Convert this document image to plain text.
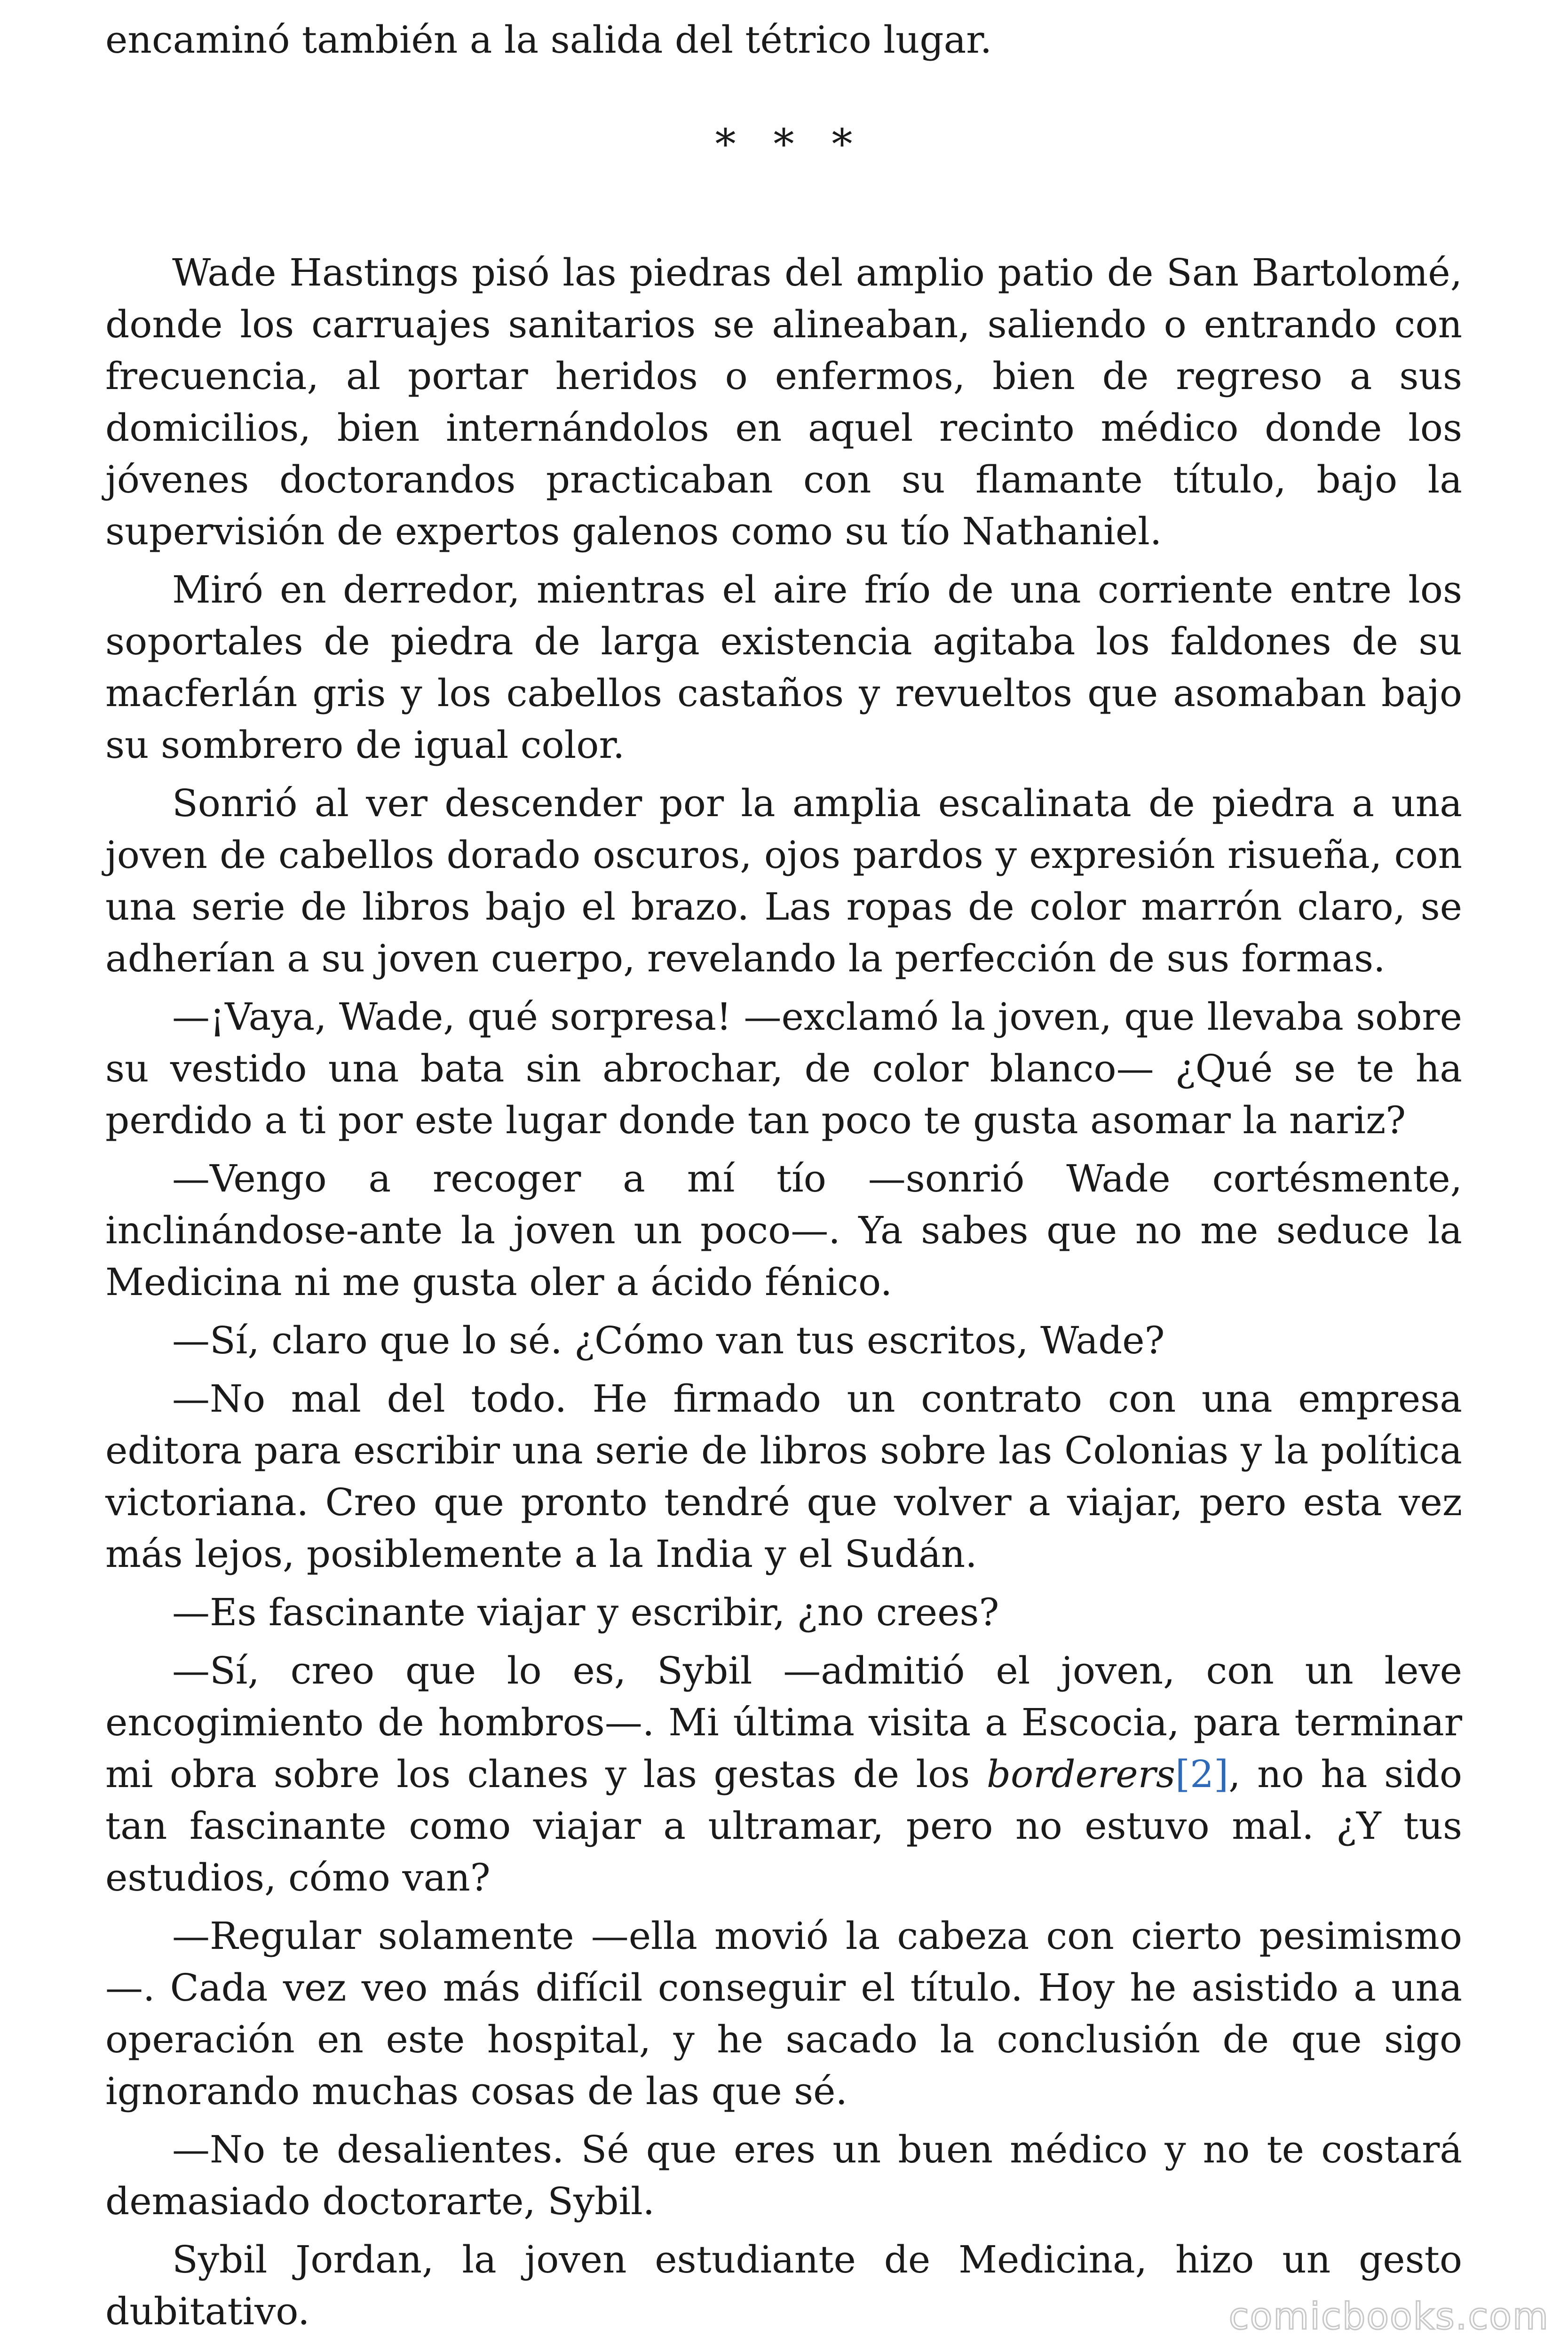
encaminó también a la salida del tétrico lugar.

* * *

Wade Hastings pisó las piedras del amplio patio de San Bartolomé, donde los carruajes sanitarios se alineaban, saliendo o entrando con frecuencia, al portar heridos o enfermos, bien de regreso a sus domicilios, bien internándolos en aquel recinto médico donde los jóvenes doctorandos practicaban con su flamante título, bajo la supervisión de expertos galenos como su tío Nathaniel.

Miró en derredor, mientras el aire frío de una corriente entre los soportales de piedra de larga existencia agitaba los faldones de su macferlán gris y los cabellos castaños y revueltos que asomaban bajo su sombrero de igual color.

Sonrió al ver descender por la amplia escalinata de piedra a una joven de cabellos dorado oscuros, ojos pardos y expresión risueña, con una serie de libros bajo el brazo. Las ropas de color marrón claro, se adherían a su joven cuerpo, revelando la perfección de sus formas.

—¡Vaya, Wade, qué sorpresa! —exclamó la joven, que llevaba sobre su vestido una bata sin abrochar, de color blanco— ¿Qué se te ha perdido a ti por este lugar donde tan poco te gusta asomar la nariz?

—Vengo a recoger a mí tío —sonrió Wade cortésmente, inclinándose-ante la joven un poco—. Ya sabes que no me seduce la Medicina ni me gusta oler a ácido fénico.

—Sí, claro que lo sé. ¿Cómo van tus escritos, Wade?

—No mal del todo. He firmado un contrato con una empresa editora para escribir una serie de libros sobre las Colonias y la política victoriana. Creo que pronto tendré que volver a viajar, pero esta vez más lejos, posiblemente a la India y el Sudán.

—Es fascinante viajar y escribir, ¿no crees?

—Sí, creo que lo es, Sybil —admitió el joven, con un leve encogimiento de hombros—. Mi última visita a Escocia, para terminar mi obra sobre los clanes y las gestas de los borderers[2], no ha sido tan fascinante como viajar a ultramar, pero no estuvo mal. ¿Y tus estudios, cómo van?

—Regular solamente —ella movió la cabeza con cierto pesimismo —. Cada vez veo más difícil conseguir el título. Hoy he asistido a una operación en este hospital, y he sacado la conclusión de que sigo ignorando muchas cosas de las que sé.

—No te desalientes. Sé que eres un buen médico y no te costará demasiado doctorarte, Sybil.

Sybil Jordan, la joven estudiante de Medicina, hizo un gesto dubitativo.	comicbooks.com
